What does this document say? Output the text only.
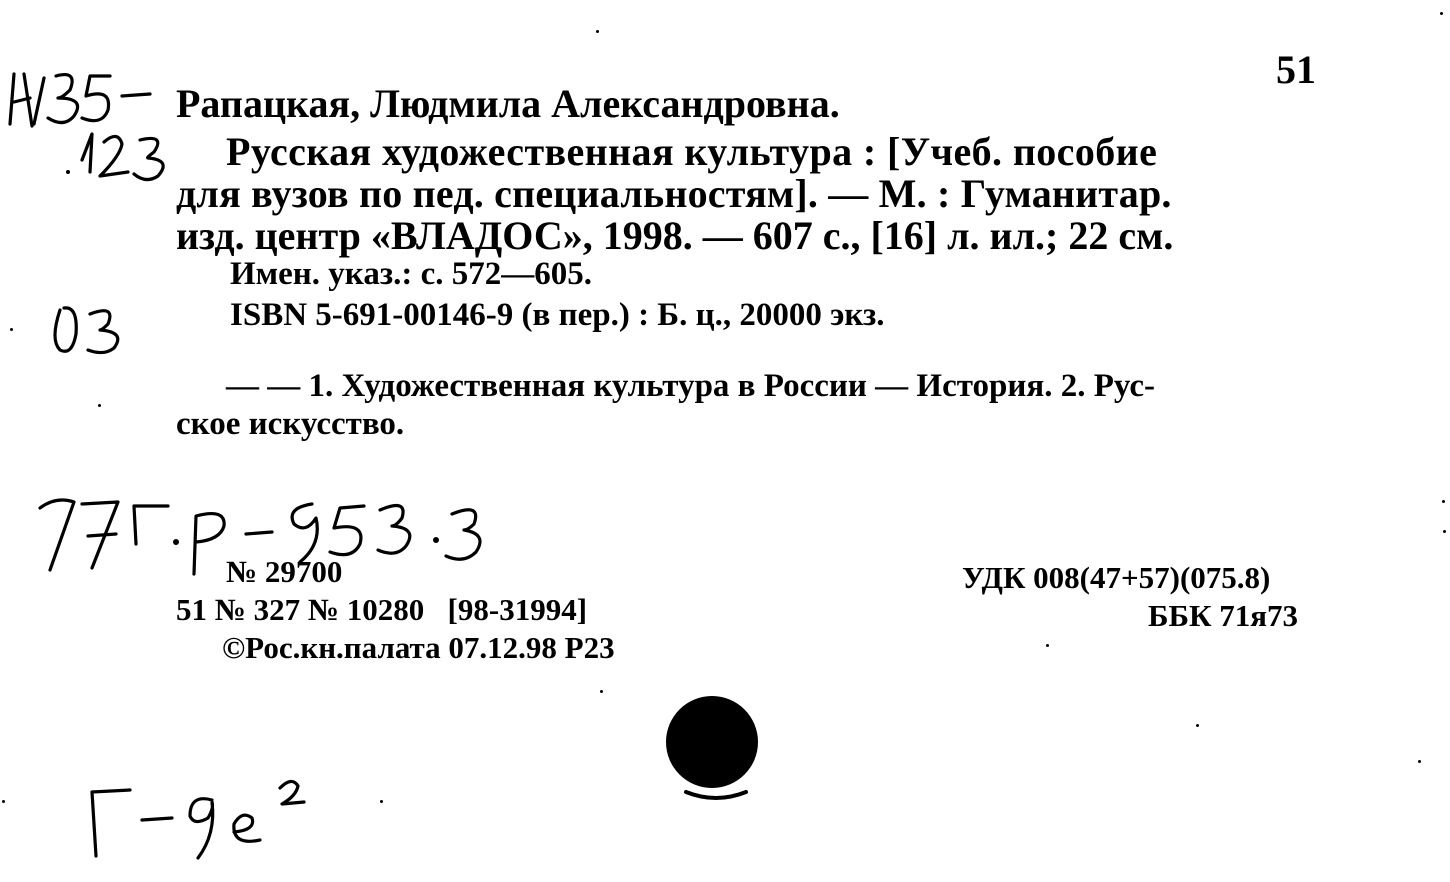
51
Рапацкая, Людмила Александровна.
Русская художественная культура : [Учеб. пособие
для вузов по пед. специальностям]. — М. : Гуманитар.
изд. центр «ВЛАДОС», 1998. — 607 с., [16] л. ил.; 22 см.
Имен. указ.: с. 572—605.
ISBN 5-691-00146-9 (в пер.) : Б. ц., 20000 экз.
— — 1. Художественная культура в России — История. 2. Рус-
ское искусство.
№ 29700
51 № 327 № 10280   [98-31994]
©Рос.кн.палата 07.12.98 Р23
УДК 008(47+57)(075.8)
ББК 71я73
